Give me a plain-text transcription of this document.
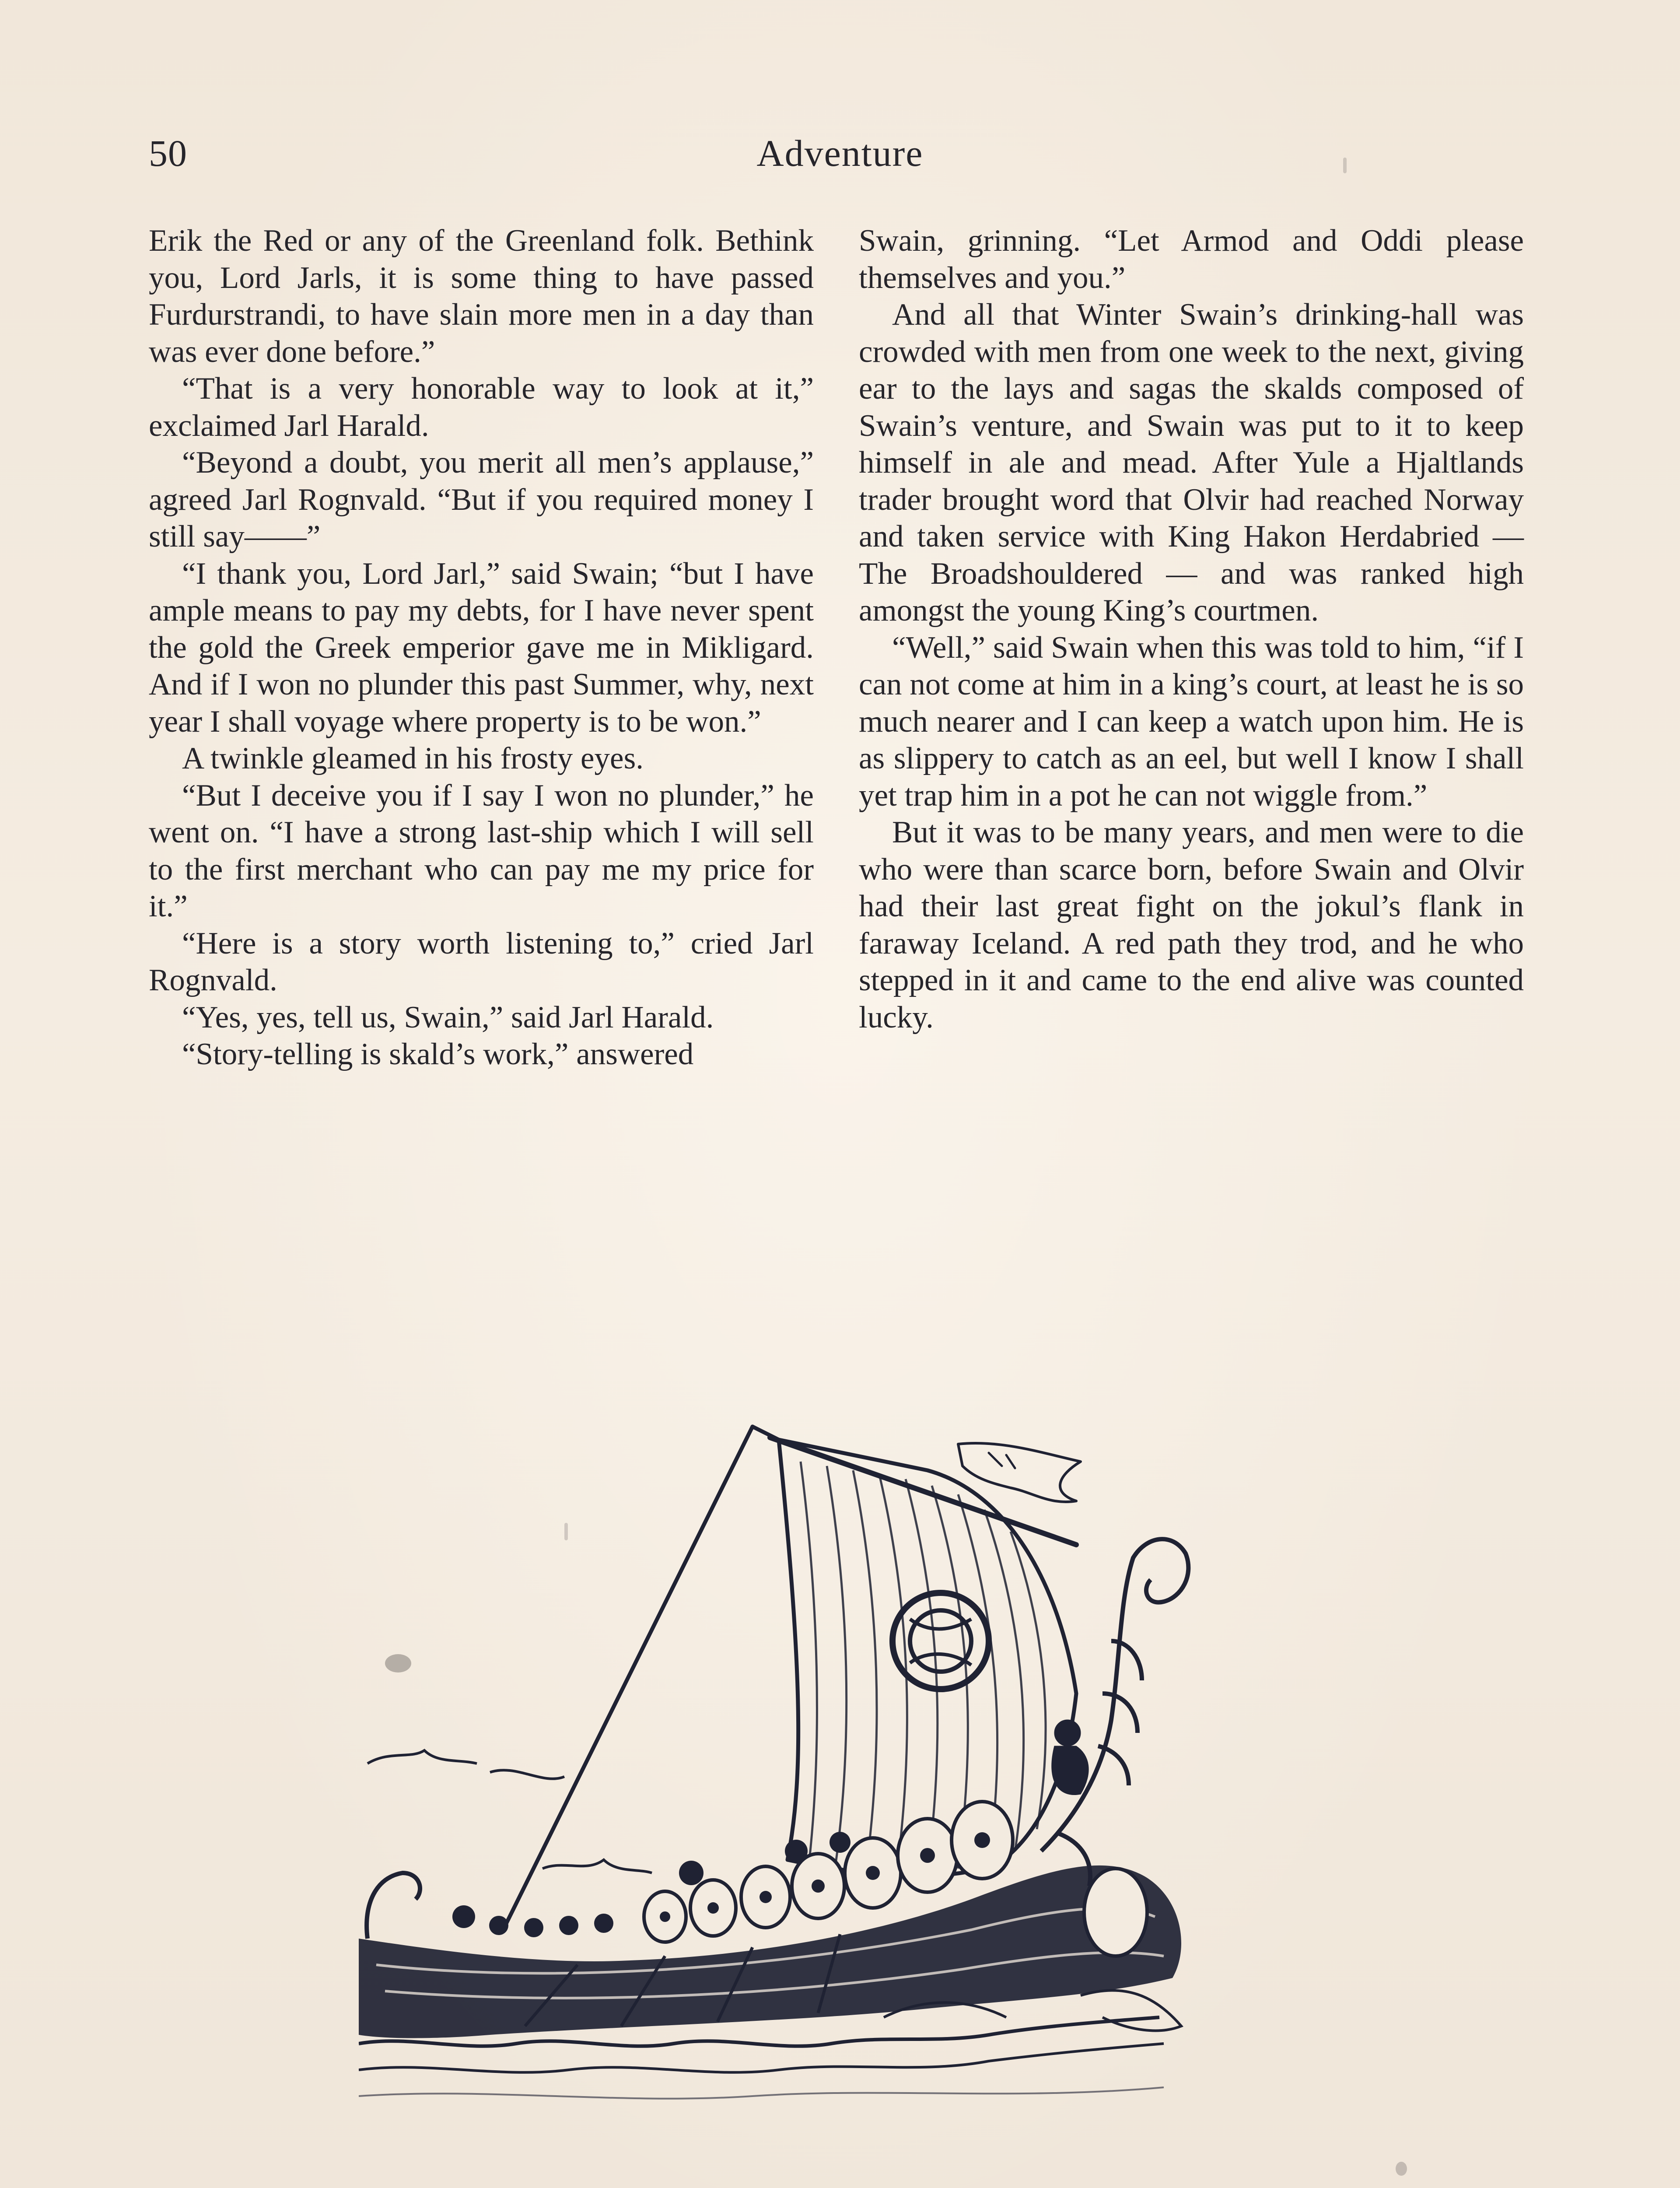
50	Adventure

Erik the Red or any of the Greenland folk. Bethink you, Lord Jarls, it is some thing to have passed Furdurstrandi, to have slain more men in a day than was ever done before.”

“That is a very honorable way to look at it,” exclaimed Jarl Harald.

“Beyond a doubt, you merit all men’s applause,” agreed Jarl Rognvald. “But if you required money I still say——”

“I thank you, Lord Jarl,” said Swain; “but I have ample means to pay my debts, for I have never spent the gold the Greek emperior gave me in Mikligard. And if I won no plunder this past Summer, why, next year I shall voyage where property is to be won.”

A twinkle gleamed in his frosty eyes.

“But I deceive you if I say I won no plunder,” he went on. “I have a strong last-ship which I will sell to the first merchant who can pay me my price for it.”

“Here is a story worth listening to,” cried Jarl Rognvald.

“Yes, yes, tell us, Swain,” said Jarl Harald.

“Story-telling is skald’s work,” answered

Swain, grinning. “Let Armod and Oddi please themselves and you.”

And all that Winter Swain’s drinking-hall was crowded with men from one week to the next, giving ear to the lays and sagas the skalds composed of Swain’s venture, and Swain was put to it to keep himself in ale and mead. After Yule a Hjaltlands trader brought word that Olvir had reached Norway and taken service with King Hakon Herdabried — The Broadshouldered — and was ranked high amongst the young King’s courtmen.

“Well,” said Swain when this was told to him, “if I can not come at him in a king’s court, at least he is so much nearer and I can keep a watch upon him. He is as slippery to catch as an eel, but well I know I shall yet trap him in a pot he can not wiggle from.”

But it was to be many years, and men were to die who were than scarce born, before Swain and Olvir had their last great fight on the jokul’s flank in faraway Iceland. A red path they trod, and he who stepped in it and came to the end alive was counted lucky.
